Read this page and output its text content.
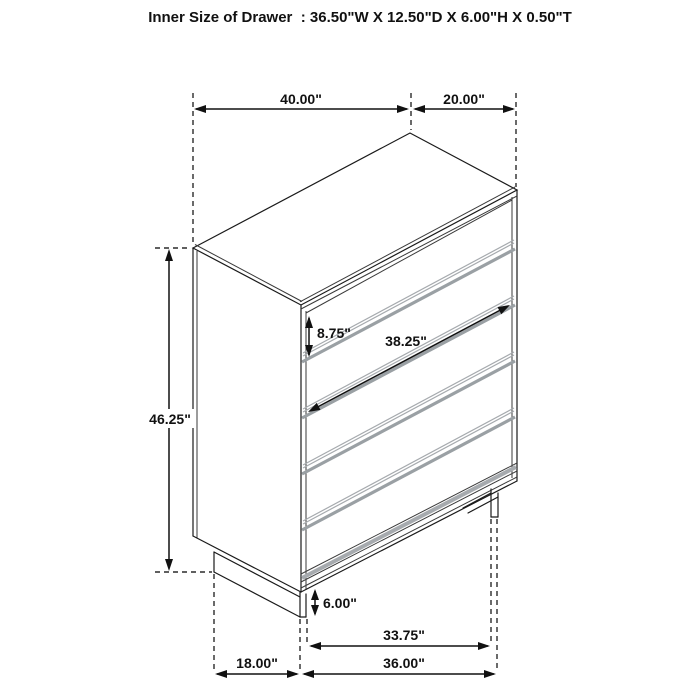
Inner Size of Drawer  : 36.50"W X 12.50"D X 6.00"H X 0.50"T
40.00"	20.00"
46.25"
8.75" 38.25"
6.00"
33.75"
18.00"	36.00"
